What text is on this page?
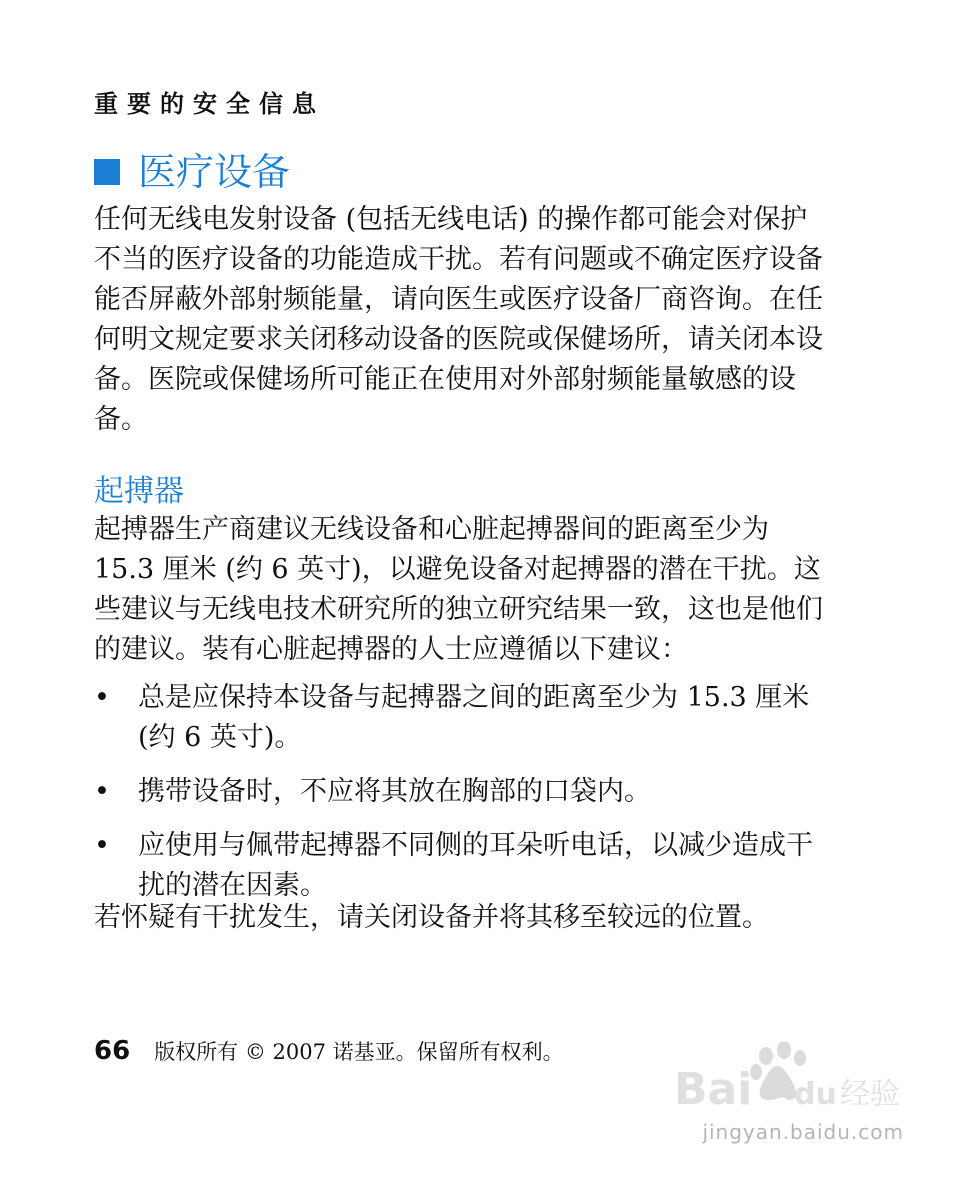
重要的安全信息
医疗设备

任何无线电发射设备 (包括无线电话) 的操作都可能会对保护不当的医疗设备的功能造成干扰。若有问题或不确定医疗设备能否屏蔽外部射频能量，请向医生或医疗设备厂商咨询。在任何明文规定要求关闭移动设备的医院或保健场所，请关闭本设备。医院或保健场所可能正在使用对外部射频能量敏感的设备。

起搏器

起搏器生产商建议无线设备和心脏起搏器间的距离至少为 15.3 厘米 (约 6 英寸)，以避免设备对起搏器的潜在干扰。这些建议与无线电技术研究所的独立研究结果一致，这也是他们的建议。装有心脏起搏器的人士应遵循以下建议：

• 总是应保持本设备与起搏器之间的距离至少为 15.3 厘米 (约 6 英寸)。
• 携带设备时，不应将其放在胸部的口袋内。
• 应使用与佩带起搏器不同侧的耳朵听电话，以减少造成干扰的潜在因素。

若怀疑有干扰发生，请关闭设备并将其移至较远的位置。

66 版权所有 © 2007 诺基亚。保留所有权利。
Bai du 经验
jingyan.baidu.com
